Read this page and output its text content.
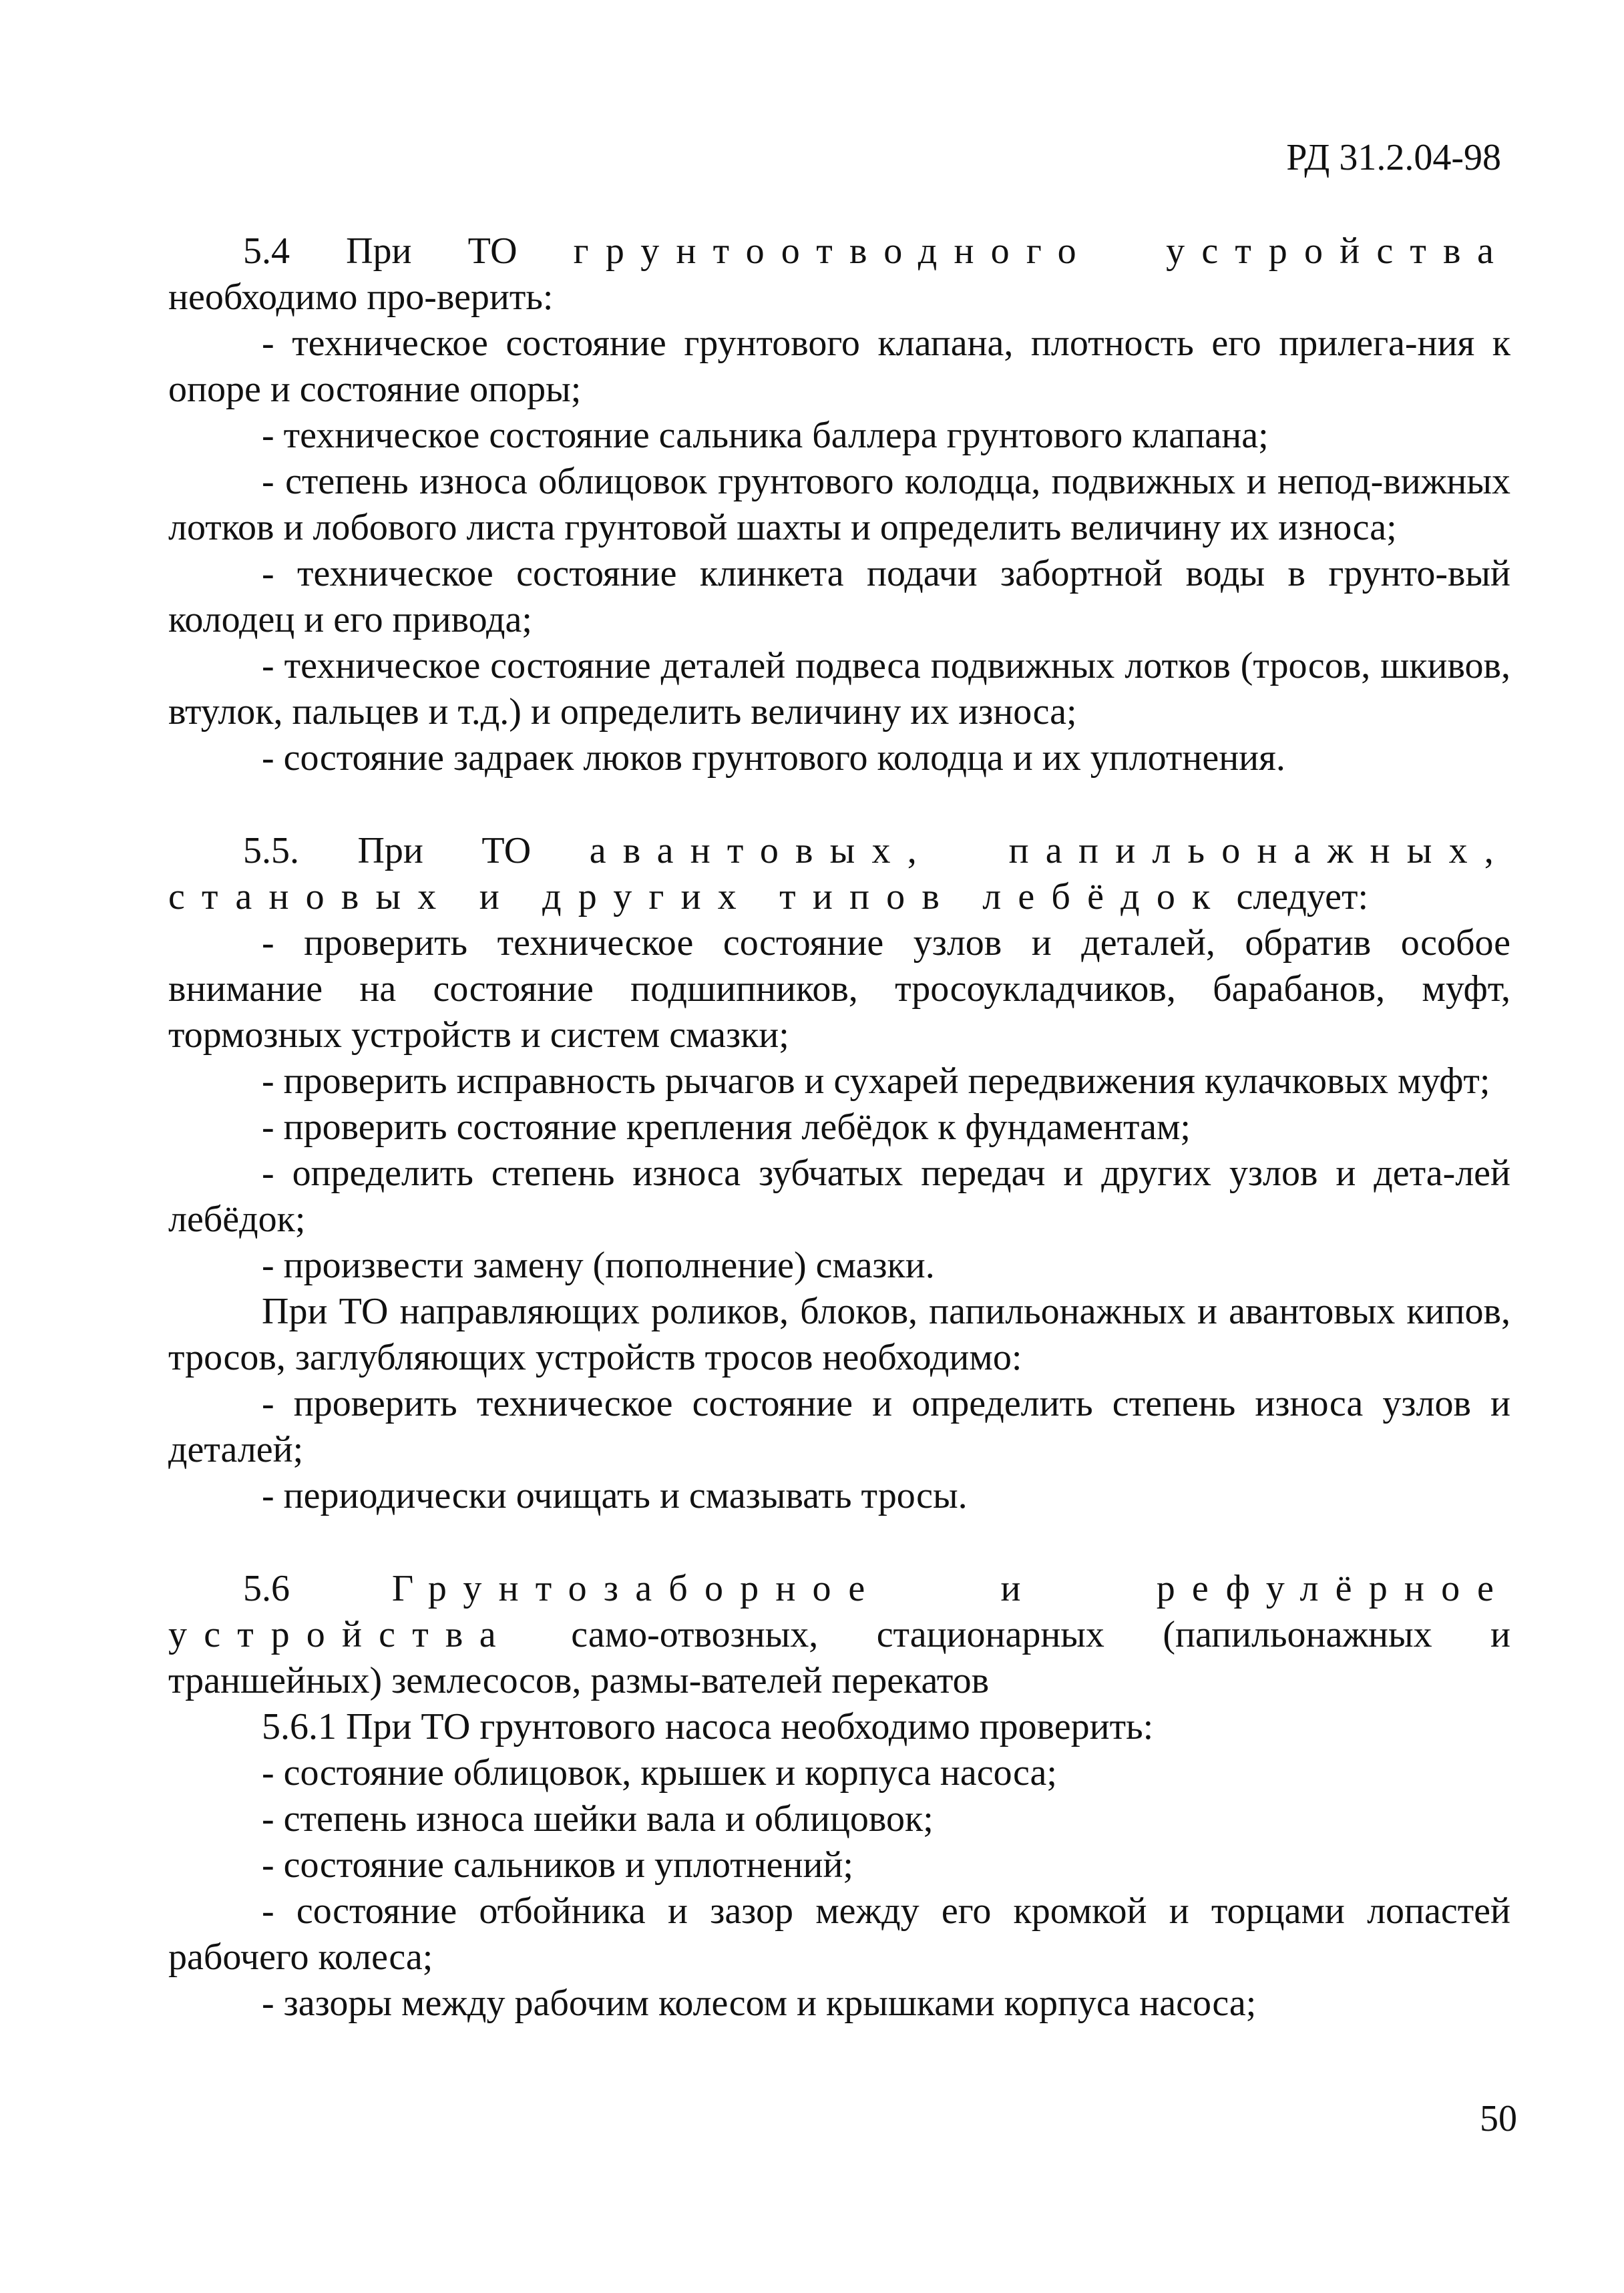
РД 31.2.04-98

5.4 При ТО грунтоотводного устройства необходимо про-верить:

- техническое состояние грунтового клапана, плотность его прилега-ния к опоре и состояние опоры;

- техническое состояние сальника баллера грунтового клапана;

- степень износа облицовок грунтового колодца, подвижных и непод-вижных лотков и лобового листа грунтовой шахты и определить величину их износа;

- техническое состояние клинкета подачи забортной воды в грунто-вый колодец и его привода;

- техническое состояние деталей подвеса подвижных лотков (тросов, шкивов, втулок, пальцев и т.д.) и определить величину их износа;

- состояние задраек люков грунтового колодца и их уплотнения.

5.5. При ТО авантовых, папильонажных, становых и других типов лебёдок следует:

- проверить техническое состояние узлов и деталей, обратив особое внимание на состояние подшипников, тросоукладчиков, барабанов, муфт, тормозных устройств и систем смазки;

- проверить исправность рычагов и сухарей передвижения кулачковых муфт;

- проверить состояние крепления лебёдок к фундаментам;

- определить степень износа зубчатых передач и других узлов и дета-лей лебёдок;

- произвести замену (пополнение) смазки.

При ТО направляющих роликов, блоков, папильонажных и авантовых кипов, тросов, заглубляющих устройств тросов необходимо:

- проверить техническое состояние и определить степень износа узлов и деталей;

- периодически очищать и смазывать тросы.

5.6 Грунтозаборное и рефулёрное устройства само-отвозных, стационарных (папильонажных и траншейных) землесосов, размы-вателей перекатов

5.6.1 При ТО грунтового насоса необходимо проверить:

- состояние облицовок, крышек и корпуса насоса;

- степень износа шейки вала и облицовок;

- состояние сальников и уплотнений;

- состояние отбойника и зазор между его кромкой и торцами лопастей рабочего колеса;

- зазоры между рабочим колесом и крышками корпуса насоса;

50
